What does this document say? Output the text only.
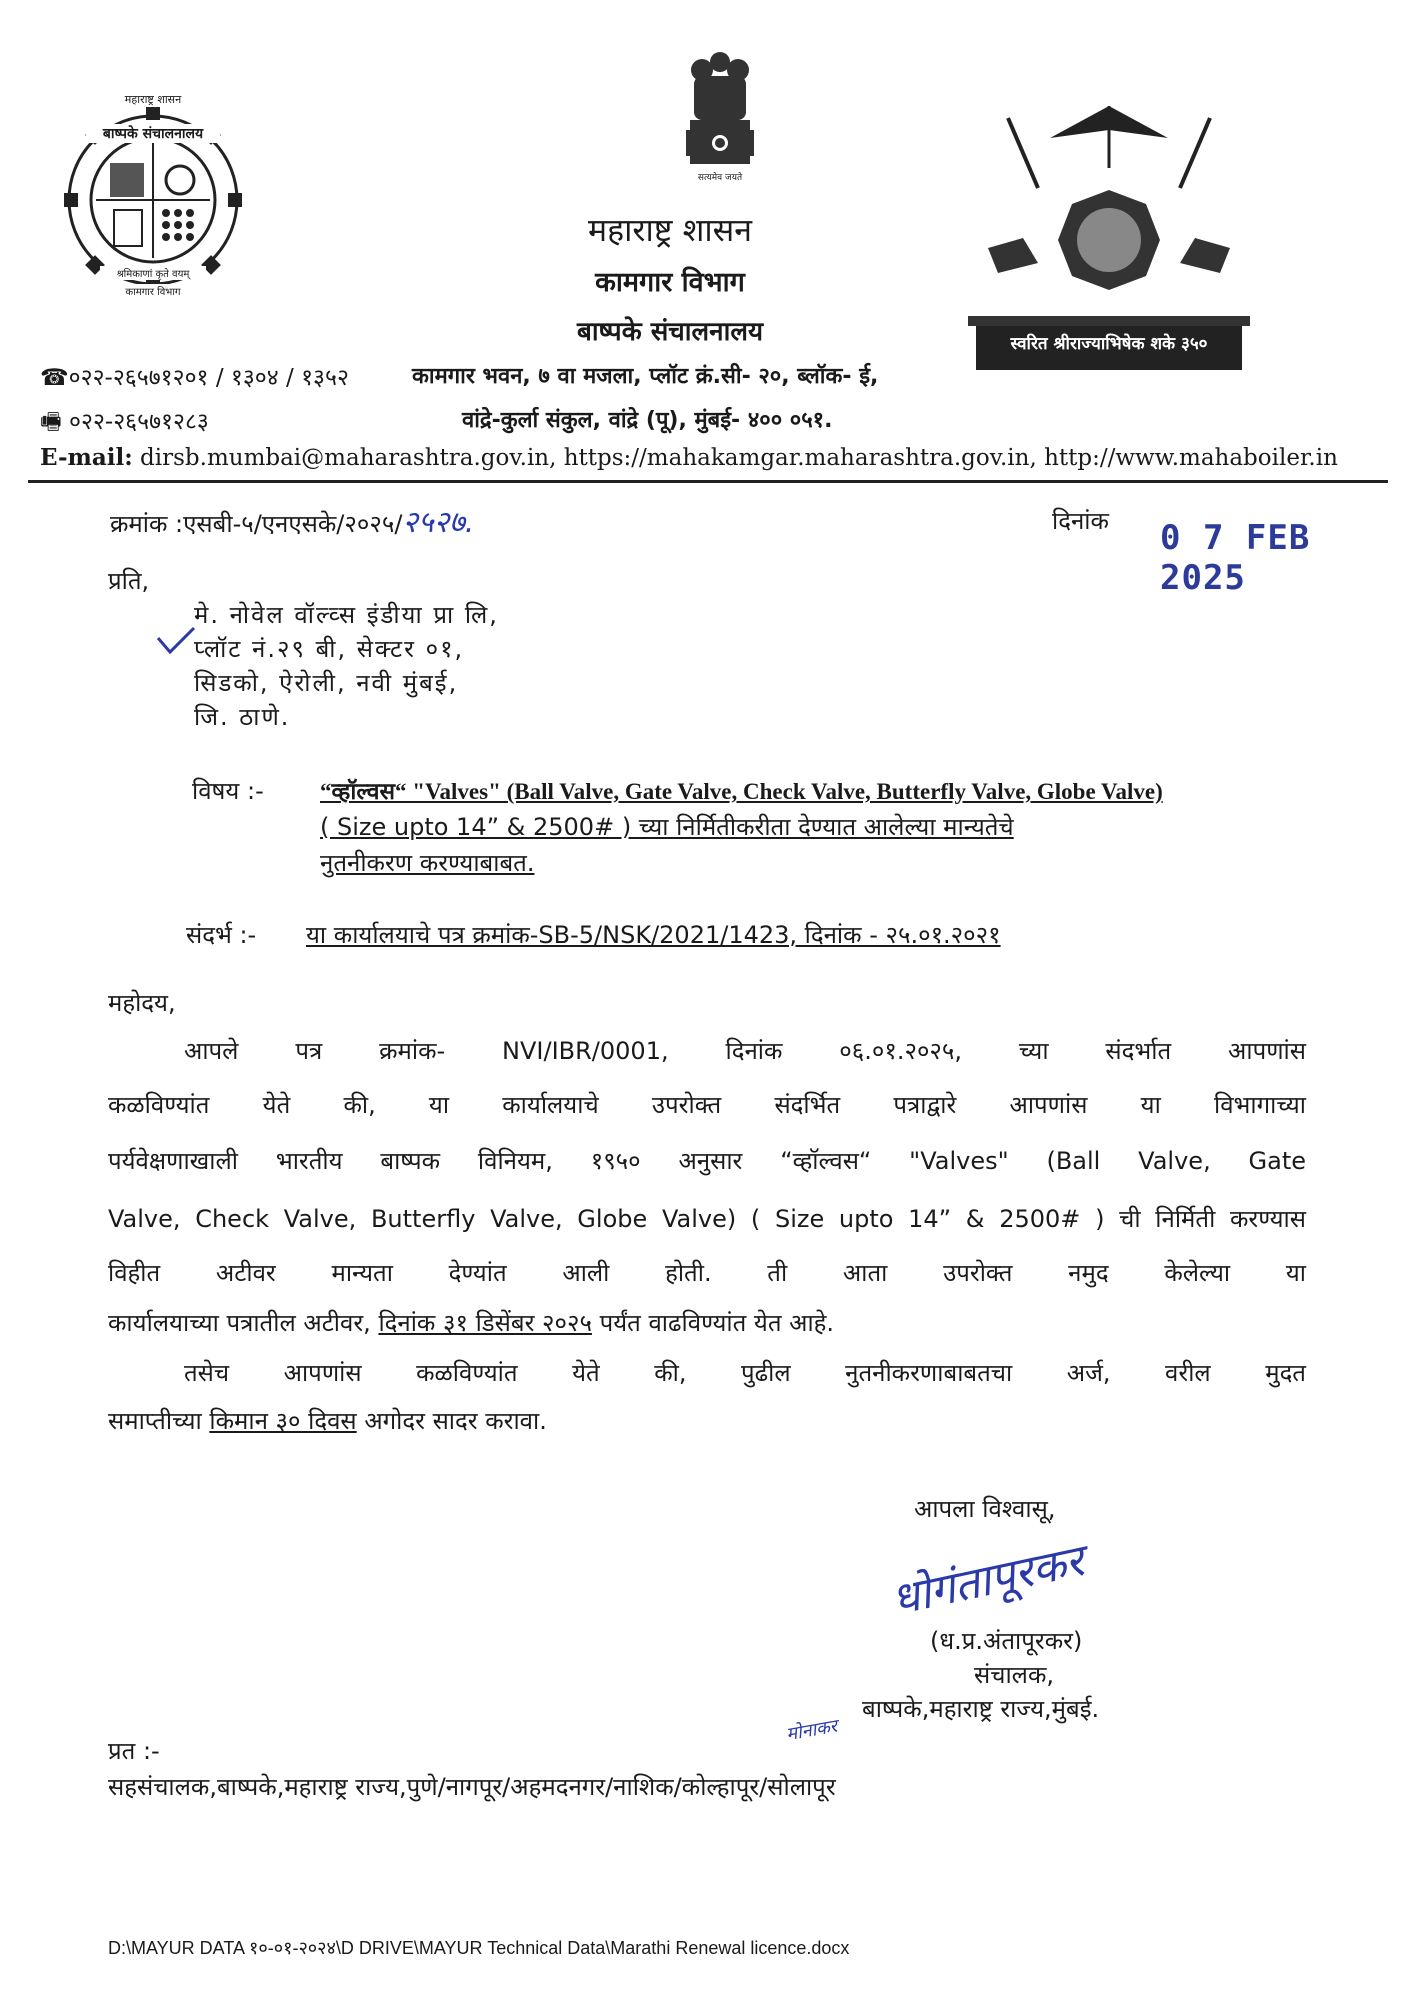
महाराष्ट्र शासन
बाष्पके संचालनालय
श्रमिकाणां कृते वयम्
कामगार विभाग
सत्यमेव जयते
स्वरित श्रीराज्याभिषेक शके ३५०
महाराष्ट्र शासन
कामगार विभाग
बाष्पके संचालनालय
☎०२२-२६५७१२०१ / १३०४ / १३५२	कामगार भवन, ७ वा मजला, प्लॉट क्रं.सी- २०, ब्लॉक- ई,
🖷 ०२२-२६५७१२८३	वांद्रे-कुर्ला संकुल, वांद्रे (पू), मुंबई- ४०० ०५१.
E-mail: dirsb.mumbai@maharashtra.gov.in, https://mahakamgar.maharashtra.gov.in, http://www.mahaboiler.in
क्रमांक :एसबी-५/एनएसके/२०२५/२५२७.	दिनांक 0 7 FEB 2025
प्रति,
मे. नोवेल वॉल्व्स इंडीया प्रा लि,
प्लॉट नं.२९ बी, सेक्टर ०१,
सिडको, ऐरोली, नवी मुंबई,
जि. ठाणे.
विषय :- “व्हॉल्वस“ "Valves" (Ball Valve, Gate Valve, Check Valve, Butterfly Valve, Globe Valve)
( Size upto 14” & 2500# ) च्या निर्मितीकरीता देण्यात आलेल्या मान्यतेचे
नुतनीकरण करण्याबाबत.
संदर्भ :- या कार्यालयाचे पत्र क्रमांक-SB-5/NSK/2021/1423, दिनांक - २५.०१.२०२१
महोदय,
आपले पत्र क्रमांक- NVI/IBR/0001, दिनांक ०६.०१.२०२५, च्या संदर्भात आपणांस
कळविण्यांत येते की, या कार्यालयाचे उपरोक्त संदर्भित पत्राद्वारे आपणांस या विभागाच्या
पर्यवेक्षणाखाली भारतीय बाष्पक विनियम, १९५० अनुसार “व्हॉल्वस“ "Valves" (Ball Valve, Gate
Valve, Check Valve, Butterfly Valve, Globe Valve) ( Size upto 14” & 2500# ) ची निर्मिती करण्यास
विहीत अटीवर मान्यता देण्यांत आली होती. ती आता उपरोक्त नमुद केलेल्या या
कार्यालयाच्या पत्रातील अटीवर, दिनांक ३१ डिसेंबर २०२५ पर्यंत वाढविण्यांत येत आहे.
तसेच आपणांस कळविण्यांत येते की, पुढील नुतनीकरणाबाबतचा अर्ज, वरील मुदत
समाप्तीच्या किमान ३० दिवस अगोदर सादर करावा.
आपला विश्वासू,
धोगंतापूरकर
(ध.प्र.अंतापूरकर)
संचालक,
बाष्पके,महाराष्ट्र राज्य,मुंबई.
मोनाकर
प्रत :-
सहसंचालक,बाष्पके,महाराष्ट्र राज्य,पुणे/नागपूर/अहमदनगर/नाशिक/कोल्हापूर/सोलापूर
D:\MAYUR DATA १०-०१-२०२४\D DRIVE\MAYUR Technical Data\Marathi Renewal licence.docx
